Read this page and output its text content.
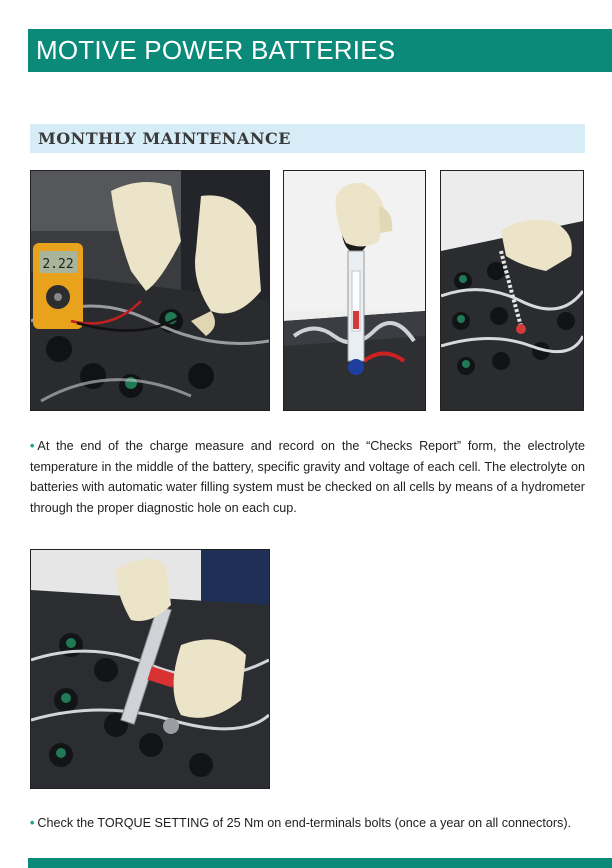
MOTIVE POWER BATTERIES
MONTHLY MAINTENANCE
2.22
• At the end of the charge measure and record on the “Checks Report” form, the electrolyte temperature in the middle of the battery, specific gravity and voltage of each cell. The electrolyte on batteries with automatic water filling system must be checked on all cells by means of a hydrometer through the proper diagnostic hole on each cup.
• Check the TORQUE SETTING of 25 Nm on end-terminals bolts (once a year on all connectors).
